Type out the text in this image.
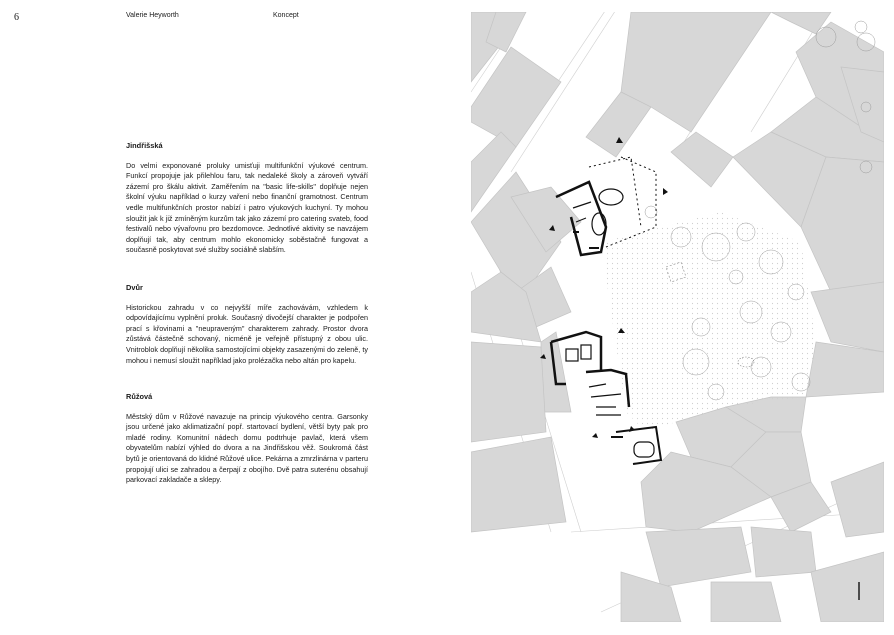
6	Valerie Heyworth	Koncept
Jindřišská

Do velmi exponované proluky umisťuji multifunkční výukové centrum. Funkcí propojuje jak přilehlou faru, tak nedaleké školy a zároveň vytváří zázemí pro škálu aktivit. Zaměřením na "basic life-skills" doplňuje nejen školní výuku například o kurzy vaření nebo finanční gramotnost. Centrum vedle multifunkčních prostor nabízí i patro výukových kuchyní. Ty mohou sloužit jak k již zmíněným kurzům tak jako zázemí pro catering svateb, food festivalů nebo vývařovnu pro bezdomovce. Jednotlivé aktivity se navzájem doplňují tak, aby centrum mohlo ekonomicky soběstačně fungovat a současně poskytovat své služby sociálně slabším.

Dvůr

Historickou zahradu v co nejvyšší míře zachovávám, vzhledem k odpovídajícímu vyplnění proluk. Současný divočejší charakter je podpořen prací s křovinami a "neupraveným" charakterem zahrady. Prostor dvora zůstává částečně schovaný, nicméně je veřejně přístupný z obou ulic. Vnitroblok doplňují několika samostojícími objekty zasazenými do zeleně, ty mohou i nemusí sloužit například jako prolézačka nebo altán pro kapelu.

Růžová

Městský dům v Růžové navazuje na princip výukového centra. Garsonky jsou určené jako aklimatizační popř. startovací bydlení, větší byty pak pro mladé rodiny. Komunitní nádech domu podtrhuje pavlač, která všem obyvatelům nabízí výhled do dvora a na Jindřišskou věž. Soukromá část bytů je orientovaná do klidné Růžové ulice. Pekárna a zmrzlinárna v parteru propojují ulici se zahradou a čerpají z obojího. Dvě patra suterénu obsahují parkovací zakladače a sklepy.
